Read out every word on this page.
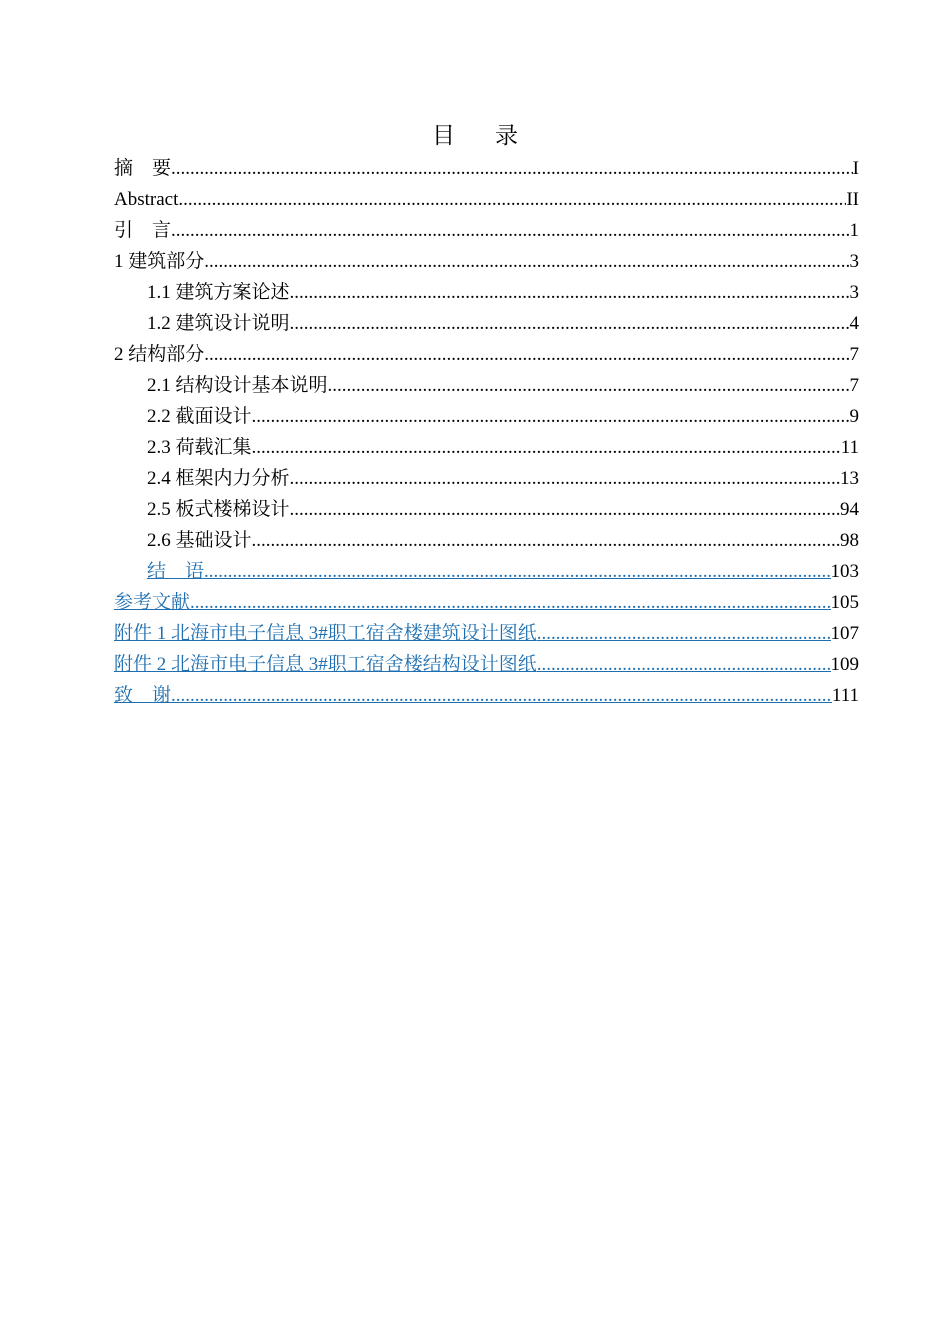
目 录
摘    要 .....	I
Abstract .....	II
引    言 .....	1
1 建筑部分 .....	3
1.1 建筑方案论述 .....	3
1.2 建筑设计说明 .....	4
2 结构部分 .....	7
2.1 结构设计基本说明 .....	7
2.2 截面设计 .....	9
2.3 荷载汇集 .....	11
2.4 框架内力分析 .....	13
2.5 板式楼梯设计 .....	94
2.6 基础设计 .....	98
结    语 .....	103
参考文献 .....	105
附件 1 北海市电子信息 3#职工宿舍楼建筑设计图纸 .....	107
附件 2 北海市电子信息 3#职工宿舍楼结构设计图纸 .....	109
致    谢 .....	111
